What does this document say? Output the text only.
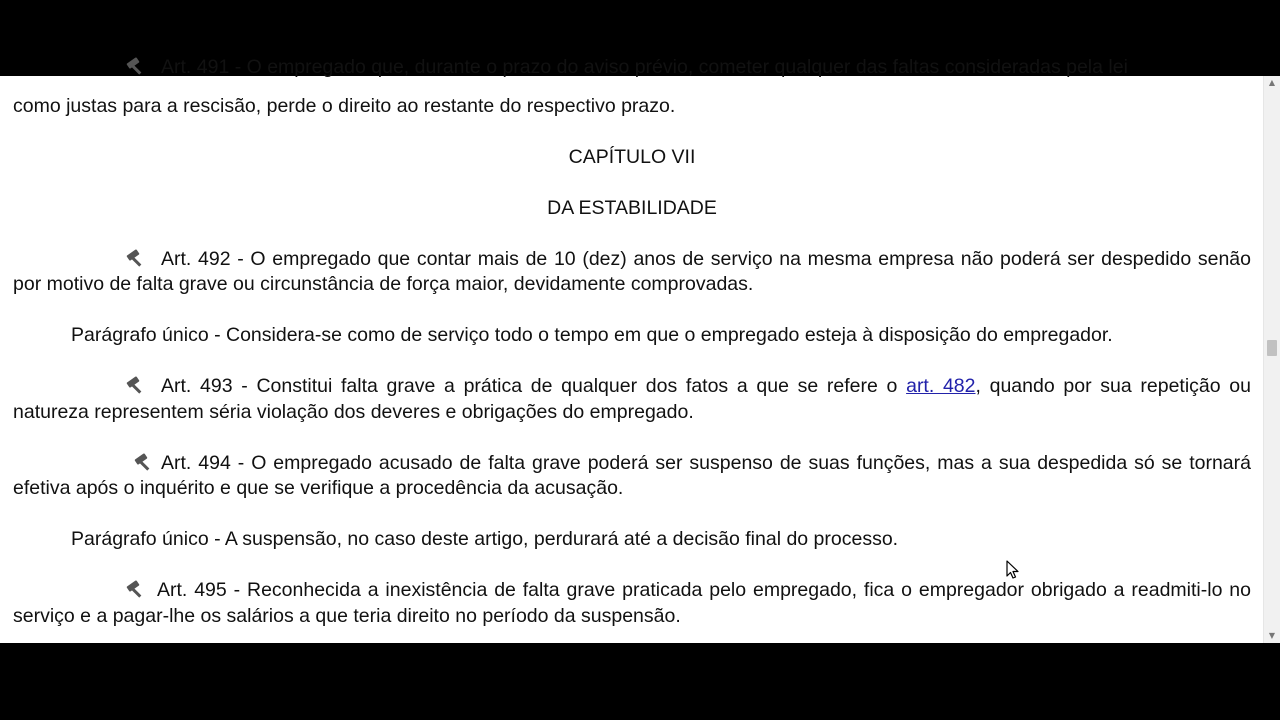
Art. 491 - O empregado que, durante o prazo do aviso prévio, cometer qualquer das faltas consideradas pela lei

como justas para a rescisão, perde o direito ao restante do respectivo prazo.

CAPÍTULO VII

DA ESTABILIDADE

Art. 492 - O empregado que contar mais de 10 (dez) anos de serviço na mesma empresa não poderá ser despedido senão por motivo de falta grave ou circunstância de força maior, devidamente comprovadas.

Parágrafo único - Considera-se como de serviço todo o tempo em que o empregado esteja à disposição do empregador.

Art. 493 - Constitui falta grave a prática de qualquer dos fatos a que se refere o art. 482, quando por sua repetição ou natureza representem séria violação dos deveres e obrigações do empregado.

Art. 494 - O empregado acusado de falta grave poderá ser suspenso de suas funções, mas a sua despedida só se tornará efetiva após o inquérito e que se verifique a procedência da acusação.

Parágrafo único - A suspensão, no caso deste artigo, perdurará até a decisão final do processo.

Art. 495 - Reconhecida a inexistência de falta grave praticada pelo empregado, fica o empregador obrigado a readmiti-lo no serviço e a pagar-lhe os salários a que teria direito no período da suspensão.

▲
▼
